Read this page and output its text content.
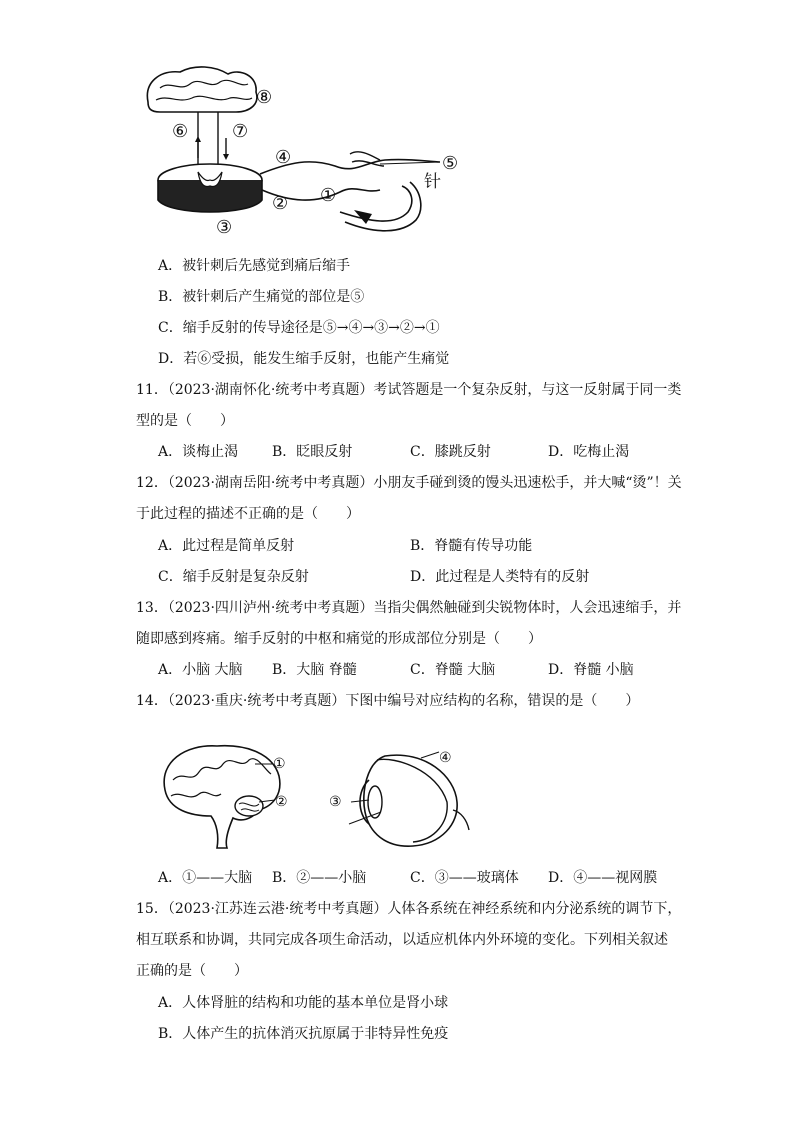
⑧
⑥ ⑦
④	⑤
针
② ①
③
A．被针刺后先感觉到痛后缩手
B．被针刺后产生痛觉的部位是⑤
C．缩手反射的传导途径是⑤→④→③→②→①
D．若⑥受损，能发生缩手反射，也能产生痛觉
11．（2023·湖南怀化·统考中考真题）考试答题是一个复杂反射，与这一反射属于同一类
型的是（　　）
A．谈梅止渴 B．眨眼反射	C．膝跳反射	D．吃梅止渴
12．（2023·湖南岳阳·统考中考真题）小朋友手碰到烫的馒头迅速松手，并大喊“烫”！关
于此过程的描述不正确的是（　　）
A．此过程是简单反射	B．脊髓有传导功能
C．缩手反射是复杂反射	D．此过程是人类特有的反射
13．（2023·四川泸州·统考中考真题）当指尖偶然触碰到尖锐物体时，人会迅速缩手，并
随即感到疼痛。缩手反射的中枢和痛觉的形成部位分别是（　　）
A．小脑 大脑 B．大脑 脊髓	C．脊髓 大脑	D．脊髓 小脑
14．（2023·重庆·统考中考真题）下图中编号对应结构的名称，错误的是（　　）
①
②	③
④
A．①——大脑 B．②——小脑	C．③——玻璃体 D．④——视网膜
15．（2023·江苏连云港·统考中考真题）人体各系统在神经系统和内分泌系统的调节下，
相互联系和协调，共同完成各项生命活动，以适应机体内外环境的变化。下列相关叙述
正确的是（　　）
A．人体肾脏的结构和功能的基本单位是肾小球
B．人体产生的抗体消灭抗原属于非特异性免疫
